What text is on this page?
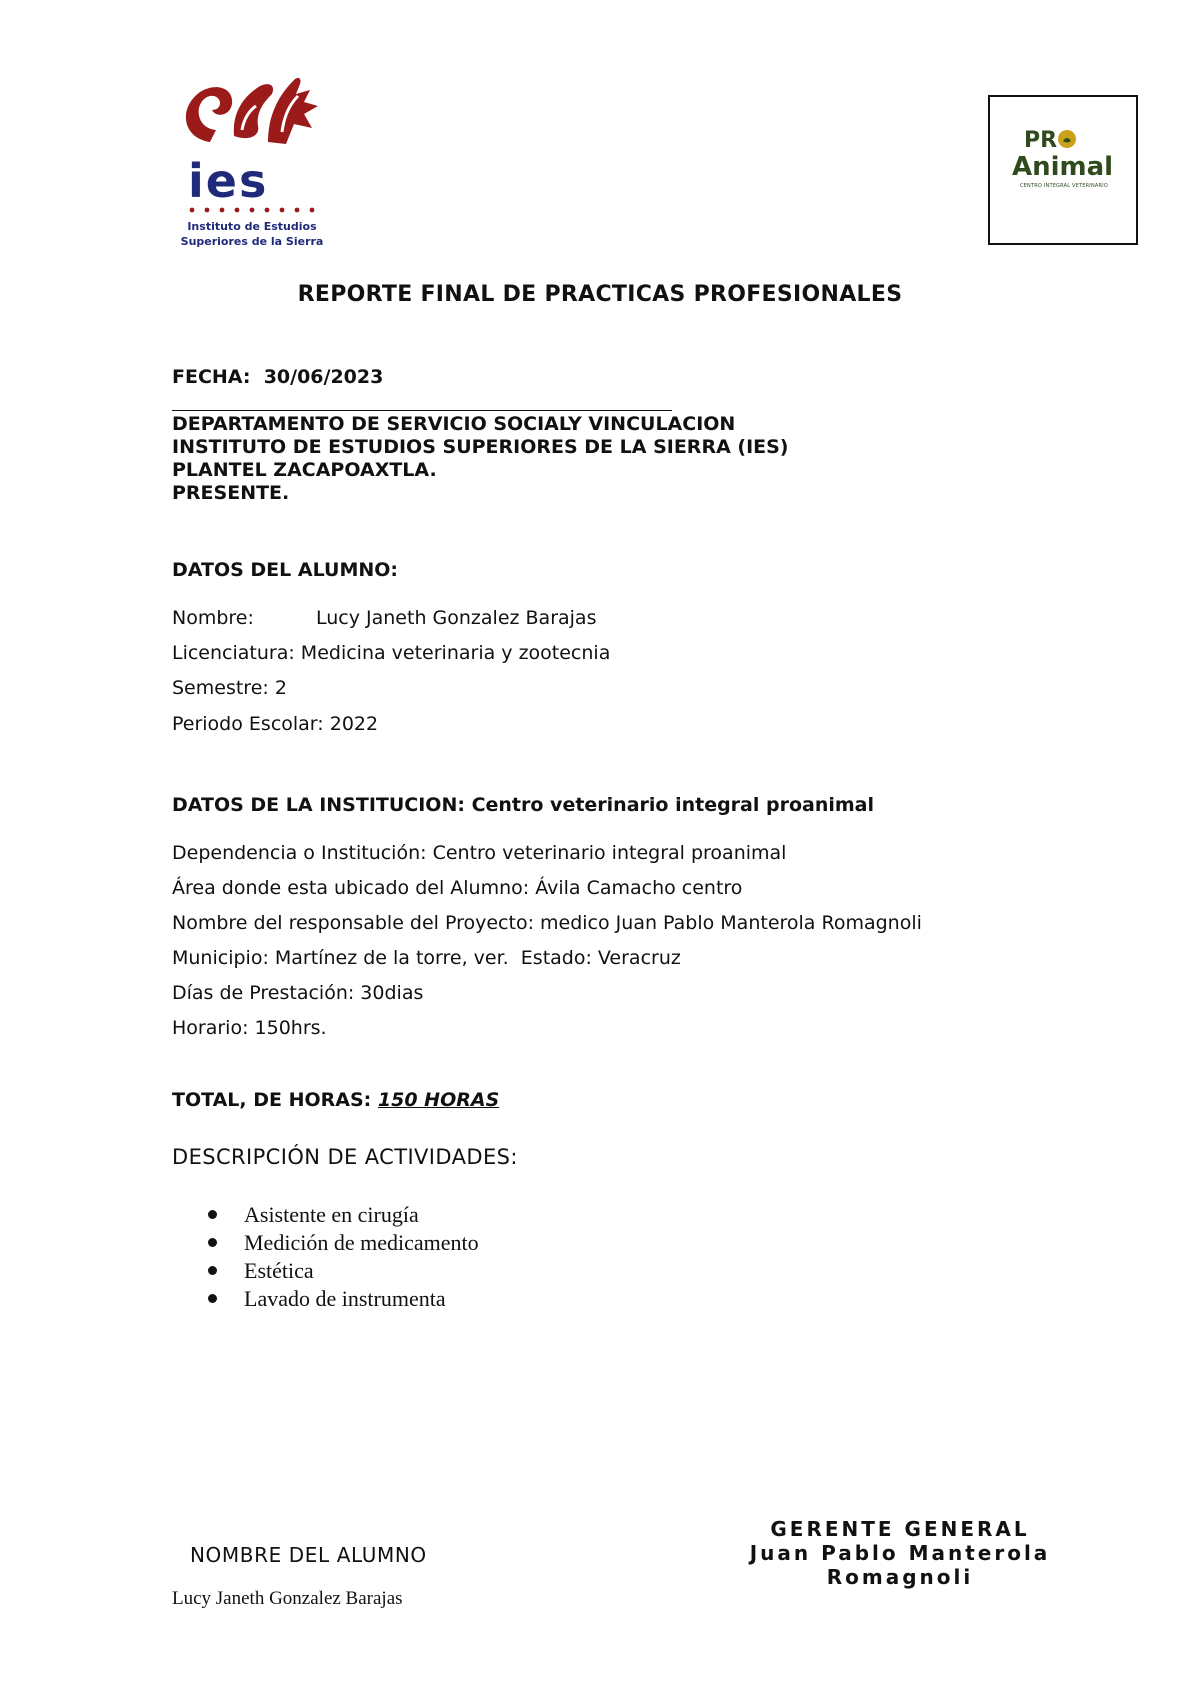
ies
Instituto de Estudios
Superiores de la Sierra
PR
Animal
CENTRO INTEGRAL VETERINARIO
REPORTE FINAL DE PRACTICAS PROFESIONALES
FECHA: 30/06/2023
DEPARTAMENTO DE SERVICIO SOCIALY VINCULACION
INSTITUTO DE ESTUDIOS SUPERIORES DE LA SIERRA (IES)
PLANTEL ZACAPOAXTLA.
PRESENTE.
DATOS DEL ALUMNO:
Nombre:	Lucy Janeth Gonzalez Barajas
Licenciatura: Medicina veterinaria y zootecnia
Semestre: 2
Periodo Escolar: 2022
DATOS DE LA INSTITUCION: Centro veterinario integral proanimal
Dependencia o Institución: Centro veterinario integral proanimal
Área donde esta ubicado del Alumno: Ávila Camacho centro
Nombre del responsable del Proyecto: medico Juan Pablo Manterola Romagnoli
Municipio: Martínez de la torre, ver.  Estado: Veracruz
Días de Prestación: 30dias
Horario: 150hrs.
TOTAL, DE HORAS: 150 HORAS
DESCRIPCIÓN DE ACTIVIDADES:
Asistente en cirugía
Medición de medicamento
Estética
Lavado de instrumenta
NOMBRE DEL ALUMNO
Lucy Janeth Gonzalez Barajas
GERENTE GENERAL
Juan Pablo Manterola
Romagnoli
